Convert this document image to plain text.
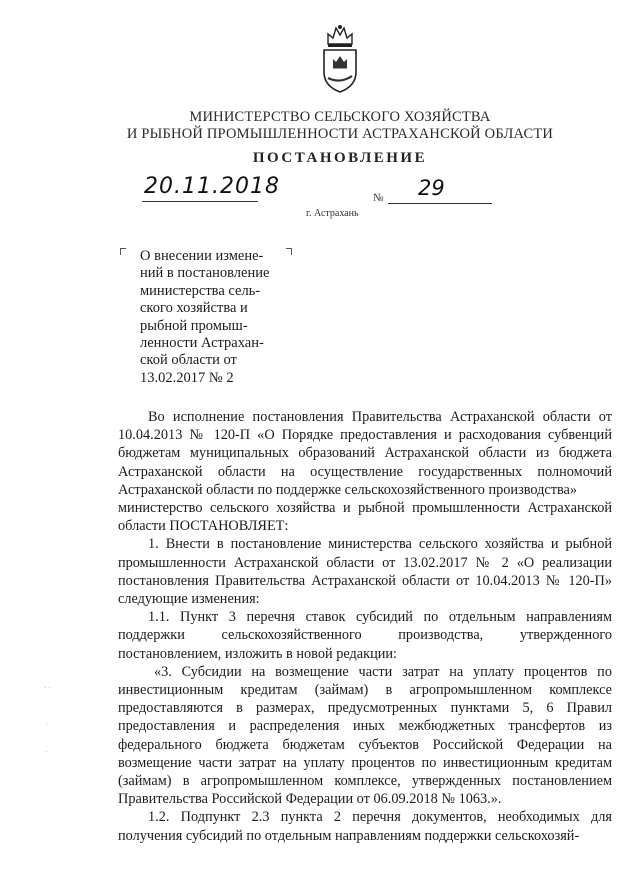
МИНИСТЕРСТВО СЕЛЬСКОГО ХОЗЯЙСТВА
И РЫБНОЙ ПРОМЫШЛЕННОСТИ АСТРАХАНСКОЙ ОБЛАСТИ
ПОСТАНОВЛЕНИЕ
20.11.2018	№ 29
г. Астрахань
О внесении измене-
ний в постановление
министерства сель-
ского хозяйства и
рыбной промыш-
ленности Астрахан-
ской области от
13.02.2017 № 2

Во исполнение постановления Правительства Астраханской области от 10.04.2013 № 120-П «О Порядке предоставления и расходования субвенций бюджетам муниципальных образований Астраханской области из бюджета Астраханской области на осуществление государственных полномочий Астраханской области по поддержке сельскохозяйственного производства»

министерство сельского хозяйства и рыбной промышленности Астраханской области ПОСТАНОВЛЯЕТ:

1. Внести в постановление министерства сельского хозяйства и рыбной промышленности Астраханской области от 13.02.2017 № 2 «О реализации постановления Правительства Астраханской области от 10.04.2013 № 120-П» следующие изменения:

1.1. Пункт 3 перечня ставок субсидий по отдельным направлениям поддержки сельскохозяйственного производства, утвержденного постановлением, изложить в новой редакции:

«3. Субсидии на возмещение части затрат на уплату процентов по инвестиционным кредитам (займам) в агропромышленном комплексе предоставляются в размерах, предусмотренных пунктами 5, 6 Правил предоставления и распределения иных межбюджетных трансфертов из федерального бюджета бюджетам субъектов Российской Федерации на возмещение части затрат на уплату процентов по инвестиционным кредитам (займам) в агропромышленном комплексе, утвержденных постановлением Правительства Российской Федерации от 06.09.2018 № 1063.».

1.2. Подпункт 2.3 пункта 2 перечня документов, необходимых для получения субсидий по отдельным направлениям поддержки сельскохозяй-

· ·
·
·
